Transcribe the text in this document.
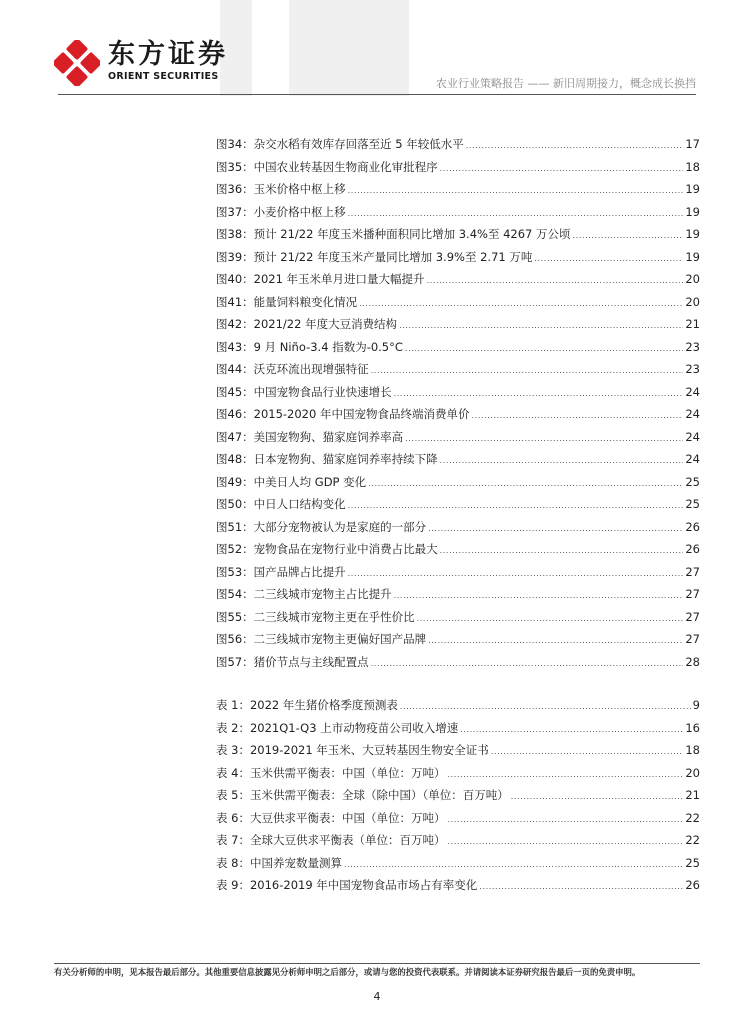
东方证券
ORIENT SECURITIES
农业行业策略报告 —— 新旧周期接力，概念成长换挡
图34：杂交水稻有效库存回落至近 5 年较低水平 .....	17
图35：中国农业转基因生物商业化审批程序 .....	18
图36：玉米价格中枢上移 .....	19
图37：小麦价格中枢上移 .....	19
图38：预计 21/22 年度玉米播种面积同比增加 3.4%至 4267 万公顷 .....	19
图39：预计 21/22 年度玉米产量同比增加 3.9%至 2.71 万吨 .....	19
图40：2021 年玉米单月进口量大幅提升 .....	20
图41：能量饲料粮变化情况 .....	20
图42：2021/22 年度大豆消费结构 .....	21
图43：9 月 Niño-3.4 指数为-0.5°C .....	23
图44：沃克环流出现增强特征 .....	23
图45：中国宠物食品行业快速增长 .....	24
图46：2015-2020 年中国宠物食品终端消费单价 .....	24
图47：美国宠物狗、猫家庭饲养率高 .....	24
图48：日本宠物狗、猫家庭饲养率持续下降 .....	24
图49：中美日人均 GDP 变化 .....	25
图50：中日人口结构变化 .....	25
图51：大部分宠物被认为是家庭的一部分 .....	26
图52：宠物食品在宠物行业中消费占比最大 .....	26
图53：国产品牌占比提升 .....	27
图54：二三线城市宠物主占比提升 .....	27
图55：二三线城市宠物主更在乎性价比 .....	27
图56：二三线城市宠物主更偏好国产品牌 .....	27
图57：猪价节点与主线配置点 .....	28
表 1：2022 年生猪价格季度预测表 .....	9
表 2：2021Q1-Q3 上市动物疫苗公司收入增速 .....	16
表 3：2019-2021 年玉米、大豆转基因生物安全证书 .....	18
表 4：玉米供需平衡表：中国（单位：万吨） .....	20
表 5：玉米供需平衡表：全球（除中国）（单位：百万吨） .....	21
表 6：大豆供求平衡表：中国（单位：万吨） .....	22
表 7：全球大豆供求平衡表（单位：百万吨） .....	22
表 8：中国养宠数量测算 .....	25
表 9：2016-2019 年中国宠物食品市场占有率变化 .....	26
有关分析师的申明，见本报告最后部分。其他重要信息披露见分析师申明之后部分，或请与您的投资代表联系。并请阅读本证券研究报告最后一页的免责申明。
4
